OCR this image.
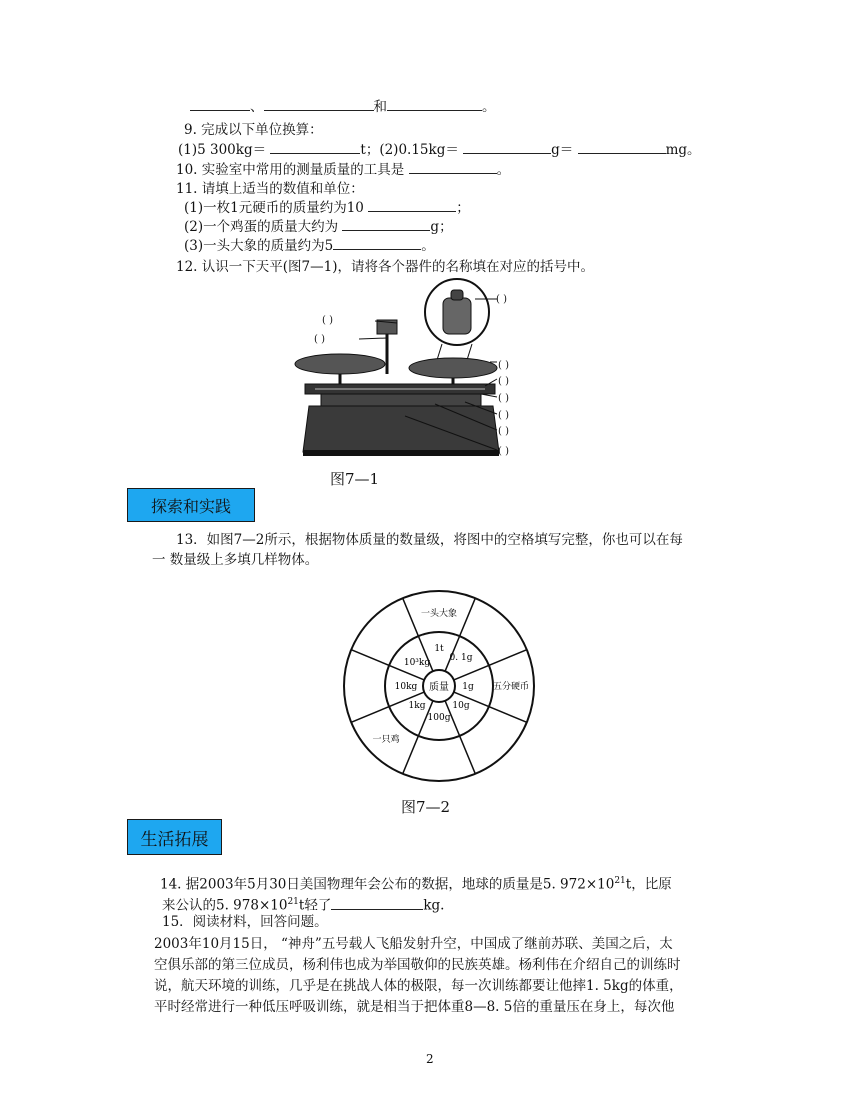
、	和	。
9. 完成以下单位换算：
(1)5 300kg＝	t；(2)0.15kg＝	g＝	mg。
10. 实验室中常用的测量质量的工具是	。
11. 请填上适当的数值和单位：
(1)一枚1元硬币的质量约为10	；
(2)一个鸡蛋的质量大约为	g；
(3)一头大象的质量约为5	。
12. 认识一下天平(图7—1)，请将各个器件的名称填在对应的括号中。
( )
( )
( )
( )
( )
( )
( )
( )
( )
图7—1
探索和实践
13．如图7—2所示，根据物体质量的数量级，将图中的空格填写完整，你也可以在每
一 数量级上多填几样物体。
质量
1t
0. 1g
1g
10g
100g
1kg
10kg
10³kg
一头大象
五分硬币
一只鸡
图7—2
生活拓展
14. 据2003年5月30日美国物理年会公布的数据，地球的质量是5. $972\times 10^{21}t$，比原
来公认的5. $978\times 10^{21}t$轻了	kg.
15．阅读材料，回答问题。
2003年10月15日， “神舟”五号载人飞船发射升空，中国成了继前苏联、美国之后，太
空俱乐部的第三位成员，杨利伟也成为举国敬仰的民族英雄。杨利伟在介绍自己的训练时
说，航天环境的训练，几乎是在挑战人体的极限，每一次训练都要让他摔1. 5kg的体重，
平时经常进行一种低压呼吸训练，就是相当于把体重8—8. 5倍的重量压在身上，每次他
2
